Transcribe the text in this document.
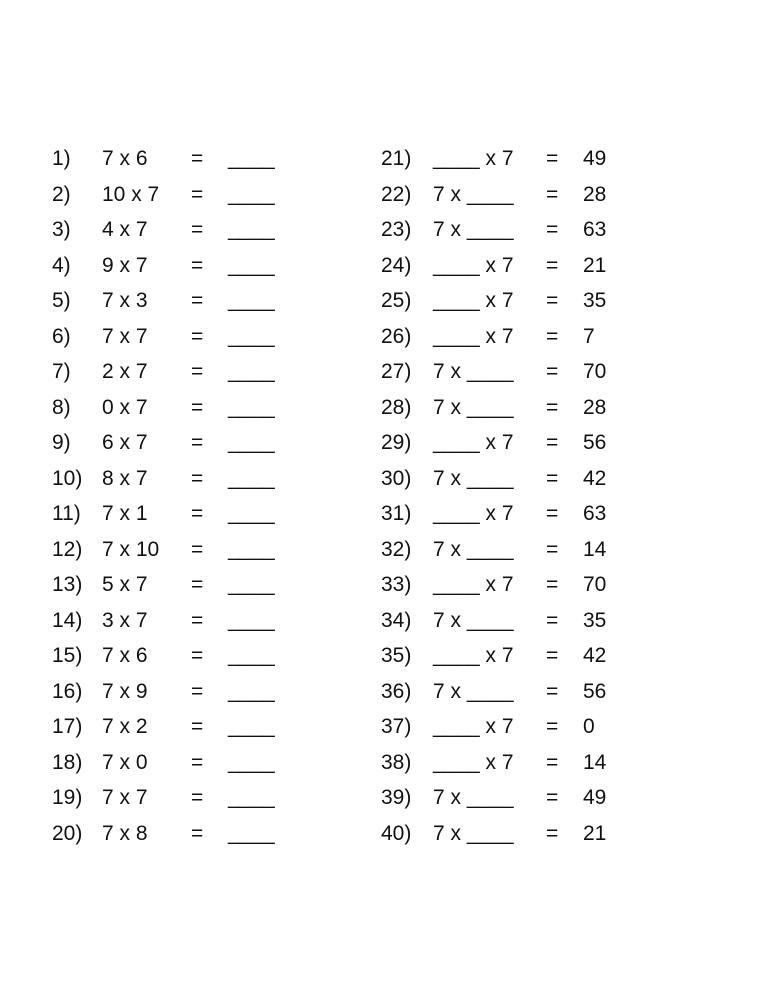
1) 7 x 6 = ____
2) 10 x 7 = ____
3) 4 x 7 = ____
4) 9 x 7 = ____
5) 7 x 3 = ____
6) 7 x 7 = ____
7) 2 x 7 = ____
8) 0 x 7 = ____
9) 6 x 7 = ____
10) 8 x 7 = ____
11) 7 x 1 = ____
12) 7 x 10 = ____
13) 5 x 7 = ____
14) 3 x 7 = ____
15) 7 x 6 = ____
16) 7 x 9 = ____
17) 7 x 2 = ____
18) 7 x 0 = ____
19) 7 x 7 = ____
20) 7 x 8 = ____
21) ____ x 7 = 49
22) 7 x ____ = 28
23) 7 x ____ = 63
24) ____ x 7 = 21
25) ____ x 7 = 35
26) ____ x 7 = 7
27) 7 x ____ = 70
28) 7 x ____ = 28
29) ____ x 7 = 56
30) 7 x ____ = 42
31) ____ x 7 = 63
32) 7 x ____ = 14
33) ____ x 7 = 70
34) 7 x ____ = 35
35) ____ x 7 = 42
36) 7 x ____ = 56
37) ____ x 7 = 0
38) ____ x 7 = 14
39) 7 x ____ = 49
40) 7 x ____ = 21
